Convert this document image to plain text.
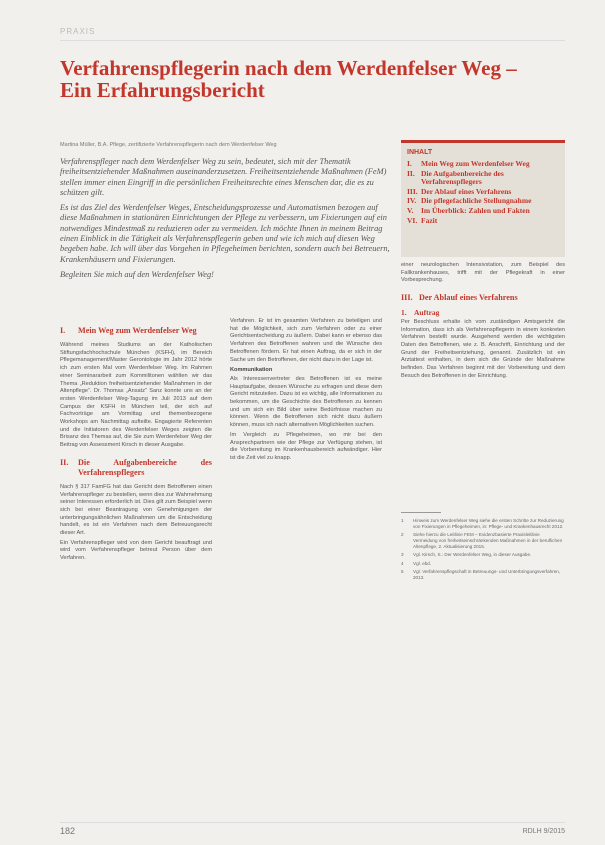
PRAXIS
Verfahrenspflegerin nach dem Werdenfelser Weg –
Ein Erfahrungsbericht
Martina Müller, B.A. Pflege, zertifizierte Verfahrenspflegerin nach dem Werdenfelser Weg

Verfahrenspfleger nach dem Werdenfelser Weg zu sein, bedeutet, sich mit der Thematik freiheitsentziehender Maßnahmen auseinanderzusetzen. Freiheitsentziehende Maßnahmen (FeM) stellen immer einen Eingriff in die persönlichen Freiheitsrechte eines Menschen dar, die es zu schützen gilt.

Es ist das Ziel des Werdenfelser Weges, Entscheidungsprozesse und Automatismen bezogen auf diese Maßnahmen in stationären Einrichtungen der Pflege zu verbessern, um Fixierungen auf ein notwendiges Mindestmaß zu reduzieren oder zu vermeiden. Ich möchte Ihnen in meinem Beitrag einen Einblick in die Tätigkeit als Verfahrenspflegerin geben und wie ich mich auf diesen Weg begeben habe. Ich will über das Vorgehen in Pflegeheimen berichten, sondern auch bei Betreuern, Krankenhäusern und Fixierungen.

Begleiten Sie mich auf den Werdenfelser Weg!

INHALT
I.	Mein Weg zum Werdenfelser Weg
II. Die Aufgabenbereiche des Verfahrenspflegers
III. Der Ablauf eines Verfahrens
IV. Die pflegefachliche Stellungnahme
V.	Im Überblick: Zahlen und Fakten
VI. Fazit
I.	Mein Weg zum Werdenfelser Weg

Während meines Studiums an der Katholischen Stiftungsfachhochschule München (KSFH), im Bereich Pflegemanagement/Master Gerontologie im Jahr 2012 hörte ich zum ersten Mal vom Werdenfelser Weg. Im Rahmen einer Seminararbeit zum Kommilitonen wählten wir das Thema „Reduktion freiheitsentziehender Maßnahmen in der Altenpflege“. Dr. Thomas „Ansatz“ Sanz konnte uns an der ersten Werdenfelser Weg-Tagung im Juli 2013 auf dem Campus der KSFH in München teil, der sich auf Fachvorträge am Vormittag und themenbezogene Workshops am Nachmittag aufteilte. Engagierte Referenten und die Initiatoren des Werdenfelser Weges zeigten die Brisanz des Themas auf, die Sie zum Werdenfelser Weg der Beitrag von Assessment Kirsch in dieser Ausgabe.

II.	Die Aufgabenbereiche des Verfahrenspflegers

Nach § 317 FamFG hat das Gericht dem Betroffenen einen Verfahrenspfleger zu bestellen, wenn dies zur Wahrnehmung seiner Interessen erforderlich ist. Dies gilt zum Beispiel wenn sich bei einer Beantragung von Genehmigungen der unterbringungsähnlichen Maßnahmen um die Entscheidung handelt, es ist ein Verfahren nach dem Betreuungsrecht dieser Art.

Ein Verfahrenspfleger wird von dem Gericht beauftragt und wird vom Verfahrenspfleger betreut Person über dem Verfahren.

Verfahren. Er ist im gesamten Verfahren zu beteiligen und hat die Möglichkeit, sich zum Verfahren oder zu einer Gerichtsentscheidung zu äußern. Dabei kann er ebenso das Verfahren des Betroffenen wahren und die Wünsche des Betroffenen fördern. Er hat einen Auftrag, da er sich in der Sache um den Betroffenen, der nicht dazu in der Lage ist.

Kommunikation

Als Interessenvertreter des Betroffenen ist es meine Hauptaufgabe, dessen Wünsche zu erfragen und diese dem Gericht mitzuteilen. Dazu ist es wichtig, alle Informationen zu bekommen, um die Geschichte des Betroffenen zu kennen und um sich ein Bild über seine Bedürfnisse machen zu können. Wenn die Betroffenen sich nicht dazu äußern können, muss ich nach alternativen Möglichkeiten suchen.

Im Vergleich zu Pflegeheimen, wo mir bei den Ansprechpartnern wie der Pflege zur Verfügung stehen, ist die Vorbereitung im Krankenhausbereich aufwändiger. Hier ist die Zeit viel zu knapp.

einer neurologischen Intensivstation, zum Beispiel des Fallkrankenhauses, trifft mit der Pflegekraft in einer Vorbesprechung.

III. Der Ablauf eines Verfahrens
1. Auftrag

Per Beschluss erhalte ich vom zuständigen Amtsgericht die Information, dass ich als Verfahrenspflegerin in einem konkreten Verfahren bestellt wurde. Ausgehend werden die wichtigsten Daten des Betroffenen, wie z. B. Anschrift, Einrichtung und der Grund der Freiheitsentziehung, genannt. Zusätzlich ist ein Arztattest enthalten, in dem sich die Gründe der Maßnahme befinden. Das Verfahren beginnt mit der Vorbereitung und dem Besuch des Betroffenen in der Einrichtung.

1	Hinweis zum Werdenfelser Weg siehe die ersten Schritte zur Reduzierung von Fixierungen in Pflegeheimen, in: Pflege- und Krankenhausrecht 2012.
2	Siehe hierzu die Leitlinie FEM – Evidenzbasierte Praxisleitlinie Vermeidung von freiheitseinschränkenden Maßnahmen in der beruflichen Altenpflege, 2. Aktualisierung 2015.
3	Vgl. Kirsch, S.: Der Werdenfelser Weg, in dieser Ausgabe.
4	Vgl. ebd.
5	Vgl. Verfahrenspflegschaft in Betreuungs- und Unterbringungsverfahren, 2013.
182	RDLH 9/2015
